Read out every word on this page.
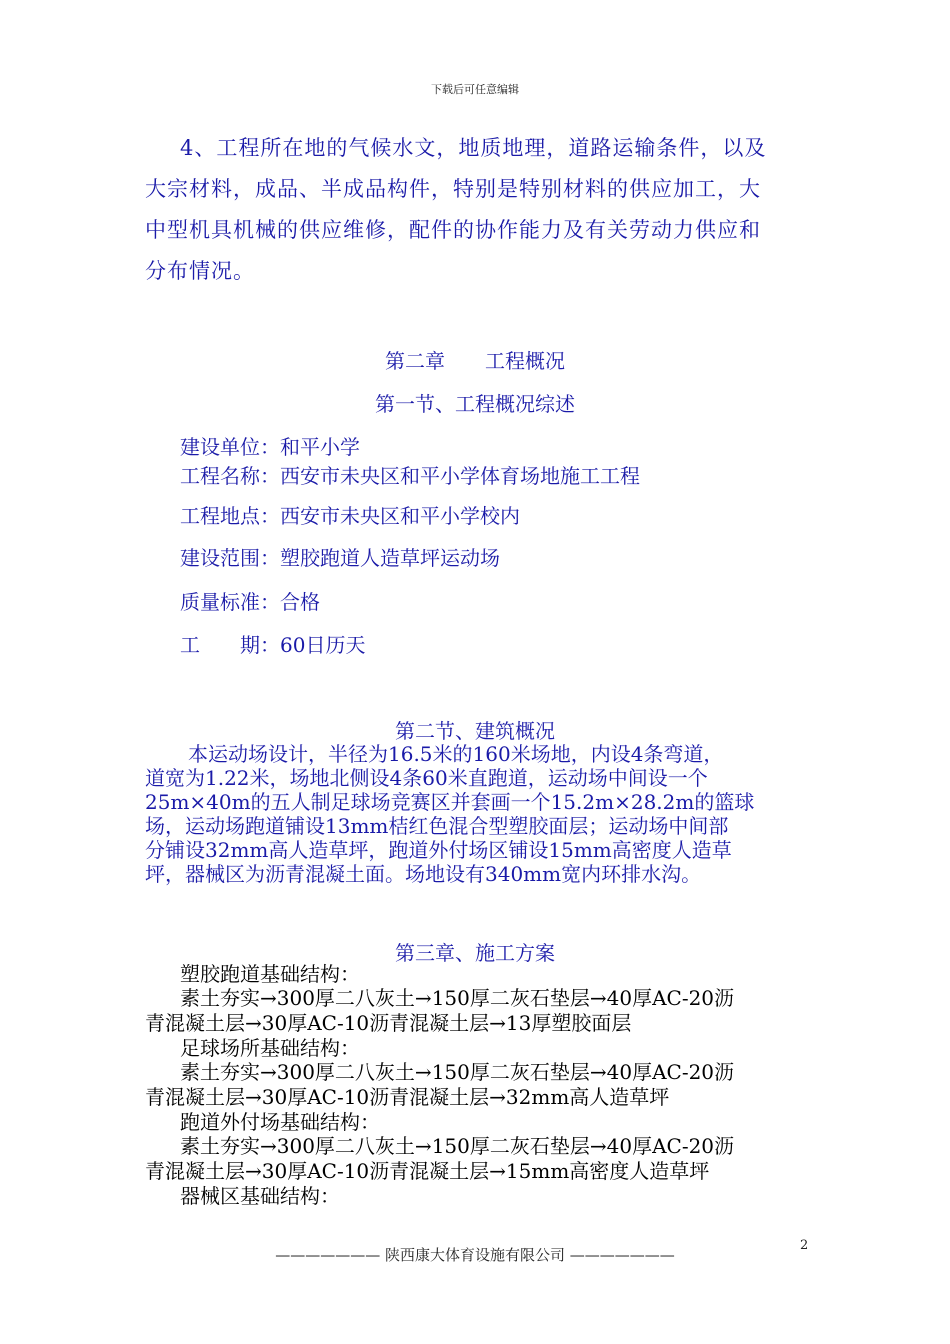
下载后可任意编辑
4、工程所在地的气候水文，地质地理，道路运输条件，以及
大宗材料，成品、半成品构件，特别是特别材料的供应加工，大
中型机具机械的供应维修，配件的协作能力及有关劳动力供应和
分布情况。
第二章　　工程概况
第一节、工程概况综述
建设单位：和平小学
工程名称：西安市未央区和平小学体育场地施工工程
工程地点：西安市未央区和平小学校内
建设范围：塑胶跑道人造草坪运动场
质量标准：合格
工　　期：60日历天
第二节、建筑概况
本运动场设计，半径为16.5米的160米场地，内设4条弯道，
道宽为1.22米，场地北侧设4条60米直跑道，运动场中间设一个
25m×40m的五人制足球场竞赛区并套画一个15.2m×28.2m的篮球
场，运动场跑道铺设13mm桔红色混合型塑胶面层；运动场中间部
分铺设32mm高人造草坪，跑道外付场区铺设15mm高密度人造草
坪，器械区为沥青混凝土面。场地设有340mm宽内环排水沟。
第三章、施工方案
塑胶跑道基础结构：
素土夯实→300厚二八灰土→150厚二灰石垫层→40厚AC-20沥
青混凝土层→30厚AC-10沥青混凝土层→13厚塑胶面层
足球场所基础结构：
素土夯实→300厚二八灰土→150厚二灰石垫层→40厚AC-20沥
青混凝土层→30厚AC-10沥青混凝土层→32mm高人造草坪
跑道外付场基础结构：
素土夯实→300厚二八灰土→150厚二灰石垫层→40厚AC-20沥
青混凝土层→30厚AC-10沥青混凝土层→15mm高密度人造草坪
器械区基础结构：
2
——————— 陕西康大体育设施有限公司 ———————
